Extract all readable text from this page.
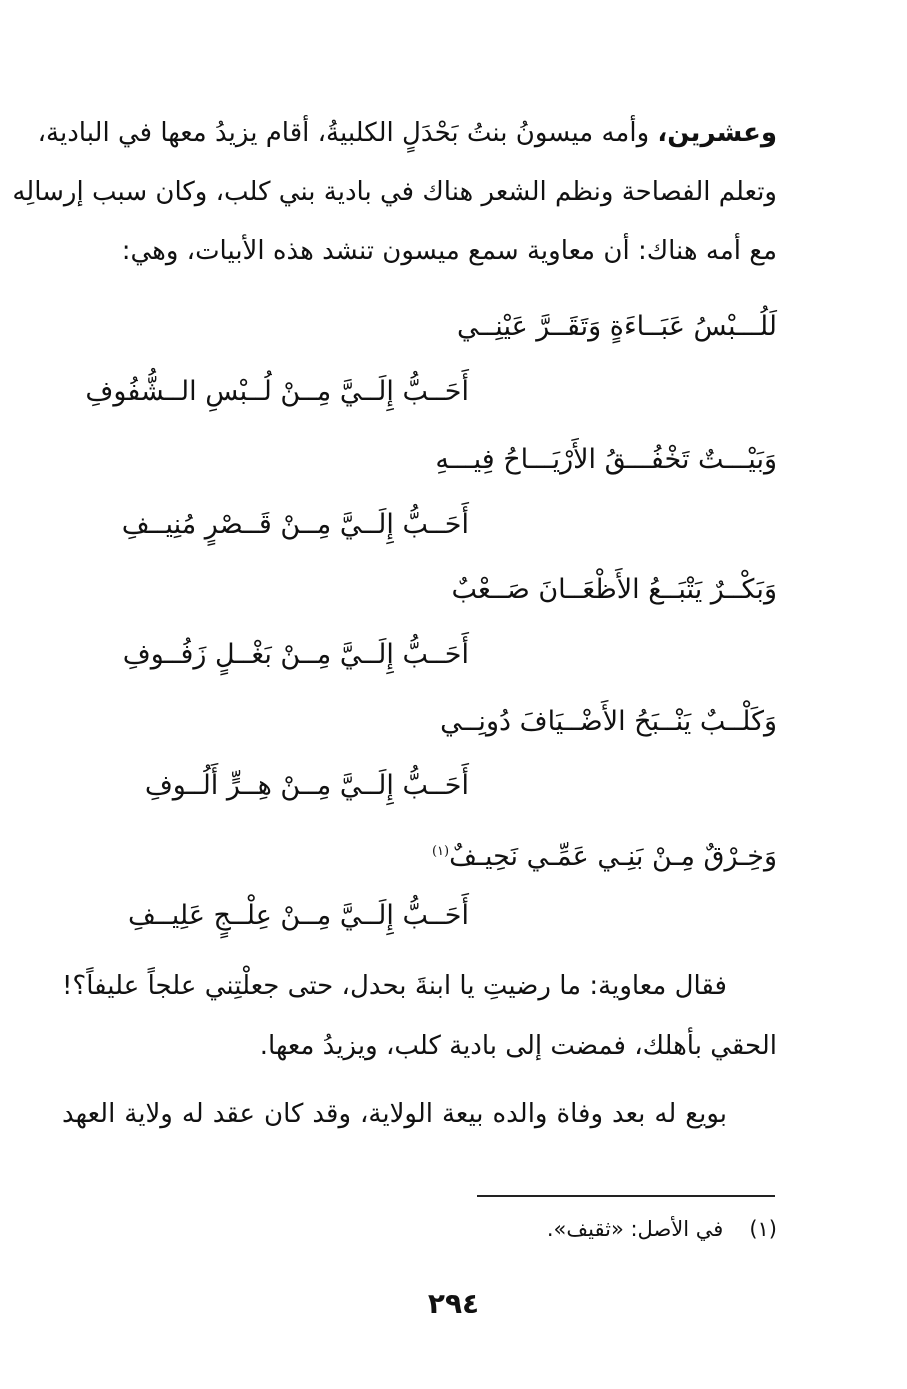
وعشرين، وأمه ميسونُ بنتُ بَحْدَلٍ الكلبيةُ، أقام يزيدُ معها في البادية،
وتعلم الفصاحة ونظم الشعر هناك في بادية بني كلب، وكان سبب إرسالِه
مع أمه هناك: أن معاوية سمع ميسون تنشد هذه الأبيات، وهي:
لَلُـــبْسُ عَبَــاءَةٍ وَتَقَــرَّ عَيْنِــي
أَحَــبُّ إِلَــيَّ مِــنْ لُــبْسِ الــشُّفُوفِ
وَبَيْـــتٌ تَخْفُـــقُ الأَرْيَـــاحُ فِيـــهِ
أَحَــبُّ إِلَــيَّ مِــنْ قَــصْرٍ مُنِيــفِ
وَبَكْــرٌ يَتْبَــعُ الأَظْعَــانَ صَــعْبٌ
أَحَــبُّ إِلَــيَّ مِــنْ بَغْــلٍ زَفُــوفِ
وَكَلْــبٌ يَنْــبَحُ الأَضْــيَافَ دُونِــي
أَحَــبُّ إِلَــيَّ مِــنْ هِــرٍّ أَلُــوفِ
وَخِـرْقٌ مِـنْ بَنِـي عَمِّـي نَحِيـفٌ$^{(١)}$
أَحَــبُّ إِلَــيَّ مِــنْ عِلْــجٍ عَلِيــفِ
فقال معاوية: ما رضيتِ يا ابنةَ بحدل، حتى جعلْتِني علجاً عليفاً؟!
الحقي بأهلك، فمضت إلى بادية كلب، ويزيدُ معها.
بويع له بعد وفاة والده بيعة الولاية، وقد كان عقد له ولاية العهد
(١)في الأصل: «ثقيف».
٢٩٤
